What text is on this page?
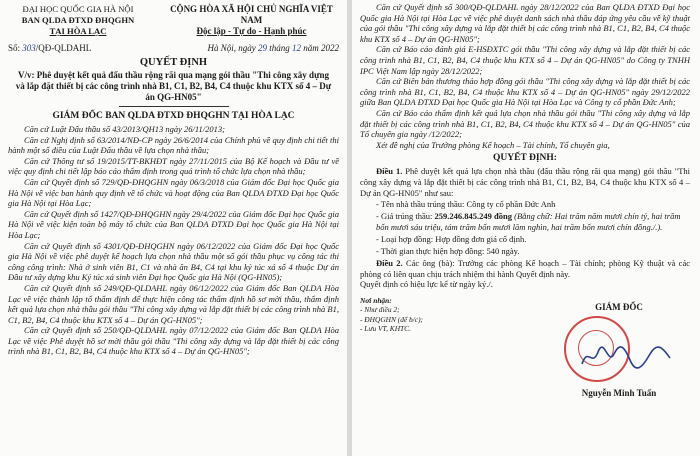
ĐẠI HỌC QUỐC GIA HÀ NỘI
BAN QLDA ĐTXD ĐHQGHN
TẠI HÒA LẠC
CỘNG HÒA XÃ HỘI CHỦ NGHĨA VIỆT NAM
Độc lập - Tự do - Hạnh phúc
Số: 303/QĐ-QLDAHL	Hà Nội, ngày 29 tháng 12 năm 2022
QUYẾT ĐỊNH
V/v: Phê duyệt kết quả đấu thầu rộng rãi qua mạng gói thầu "Thi công xây dựng và lắp đặt thiết bị các công trình nhà B1, C1, B2, B4, C4 thuộc khu KTX số 4 – Dự án QG-HN05"
GIÁM ĐỐC BAN QLDA ĐTXD ĐHQGHN TẠI HÒA LẠC

Căn cứ Luật Đấu thầu số 43/2013/QH13 ngày 26/11/2013;

Căn cứ Nghị định số 63/2014/NĐ-CP ngày 26/6/2014 của Chính phủ về quy định chi tiết thi hành một số điều của Luật Đấu thầu về lựa chọn nhà thầu;

Căn cứ Thông tư số 19/2015/TT-BKHĐT ngày 27/11/2015 của Bộ Kế hoạch và Đầu tư về việc quy định chi tiết lập báo cáo thẩm định trong quá trình tổ chức lựa chọn nhà thầu;

Căn cứ Quyết định số 729/QĐ-ĐHQGHN ngày 06/3/2018 của Giám đốc Đại học Quốc gia Hà Nội về việc ban hành quy định về tổ chức và hoạt động của Ban QLDA ĐTXD Đại học Quốc gia Hà Nội tại Hòa Lạc;

Căn cứ Quyết định số 1427/QĐ-ĐHQGHN ngày 29/4/2022 của Giám đốc Đại học Quốc gia Hà Nội về việc kiện toàn bộ máy tổ chức của Ban QLDA ĐTXD Đại học Quốc gia Hà Nội tại Hòa Lạc;

Căn cứ Quyết định số 4301/QĐ-ĐHQGHN ngày 06/12/2022 của Giám đốc Đại học Quốc gia Hà Nội về việc phê duyệt kế hoạch lựa chọn nhà thầu một số gói thầu phục vụ công tác thi công công trình: Nhà ở sinh viên B1, C1 và nhà ăn B4, C4 tại khu ký túc xá số 4 thuộc Dự án Đầu tư xây dựng khu Ký túc xá sinh viên Đại học Quốc gia Hà Nội (QG-HN05);

Căn cứ Quyết định số 249/QĐ-QLDAHL ngày 06/12/2022 của Giám đốc Ban QLDA Hòa Lạc về việc thành lập tổ thẩm định để thực hiện công tác thẩm định hồ sơ mời thầu, thẩm định kết quả lựa chọn nhà thầu gói thầu "Thi công xây dựng và lắp đặt thiết bị các công trình nhà B1, C1, B2, B4, C4 thuộc khu KTX số 4 – Dự án QG-HN05";

Căn cứ Quyết định số 250/QĐ-QLDAHL ngày 07/12/2022 của Giám đốc Ban QLDA Hòa Lạc về việc Phê duyệt hồ sơ mời thầu gói thầu "Thi công xây dựng và lắp đặt thiết bị các công trình nhà B1, C1, B2, B4, C4 thuộc khu KTX số 4 – Dự án QG-HN05";

Căn cứ Quyết định số 300/QĐ-QLDAHL ngày 28/12/2022 của Ban QLDA ĐTXD Đại học Quốc gia Hà Nội tại Hòa Lạc về việc phê duyệt danh sách nhà thầu đáp ứng yêu cầu về kỹ thuật của gói thầu "Thi công xây dựng và lắp đặt thiết bị các công trình nhà B1, C1, B2, B4, C4 thuộc khu KTX số 4 – Dự án QG-HN05";

Căn cứ Báo cáo đánh giá E-HSĐXTC gói thầu "Thi công xây dựng và lắp đặt thiết bị các công trình nhà B1, C1, B2, B4, C4 thuộc khu KTX số 4 – Dự án QG-HN05" do Công ty TNHH IPC Việt Nam lập ngày 28/12/2022;

Căn cứ Biên bản thương thảo hợp đồng gói thầu "Thi công xây dựng và lắp đặt thiết bị các công trình nhà B1, C1, B2, B4, C4 thuộc khu KTX số 4 – Dự án QG-HN05" ngày 29/12/2022 giữa Ban QLDA ĐTXD Đại học Quốc gia Hà Nội tại Hòa Lạc và Công ty cổ phần Đức Anh;

Căn cứ Báo cáo thẩm định kết quả lựa chọn nhà thầu gói thầu "Thi công xây dựng và lắp đặt thiết bị các công trình nhà B1, C1, B2, B4, C4 thuộc khu KTX số 4 – Dự án QG-HN05" của Tổ chuyên gia ngày /12/2022;

Xét đề nghị của Trưởng phòng Kế hoạch – Tài chính, Tổ chuyên gia,

QUYẾT ĐỊNH:

Điều 1. Phê duyệt kết quả lựa chọn nhà thầu (đấu thầu rộng rãi qua mạng) gói thầu "Thi công xây dựng và lắp đặt thiết bị các công trình nhà B1, C1, B2, B4, C4 thuộc khu KTX số 4 – Dự án QG-HN05" như sau:

- Tên nhà thầu trúng thầu: Công ty cổ phần Đức Anh
- Giá trúng thầu: 259.246.845.249 đồng (Bằng chữ: Hai trăm năm mươi chín tỷ, hai trăm bốn mươi sáu triệu, tám trăm bốn mươi lăm nghìn, hai trăm bốn mươi chín đồng./.).
- Loại hợp đồng: Hợp đồng đơn giá cố định.
- Thời gian thực hiện hợp đồng: 540 ngày.

Điều 2. Các ông (bà): Trưởng các phòng Kế hoạch – Tài chính; phòng Kỹ thuật và các phòng có liên quan chịu trách nhiệm thi hành Quyết định này.

Quyết định có hiệu lực kể từ ngày ký./.

Nơi nhận:
- Như điều 2;
- ĐHQGHN (để b/c);
- Lưu VT, KHTC.
GIÁM ĐỐC
Nguyễn Minh Tuấn
